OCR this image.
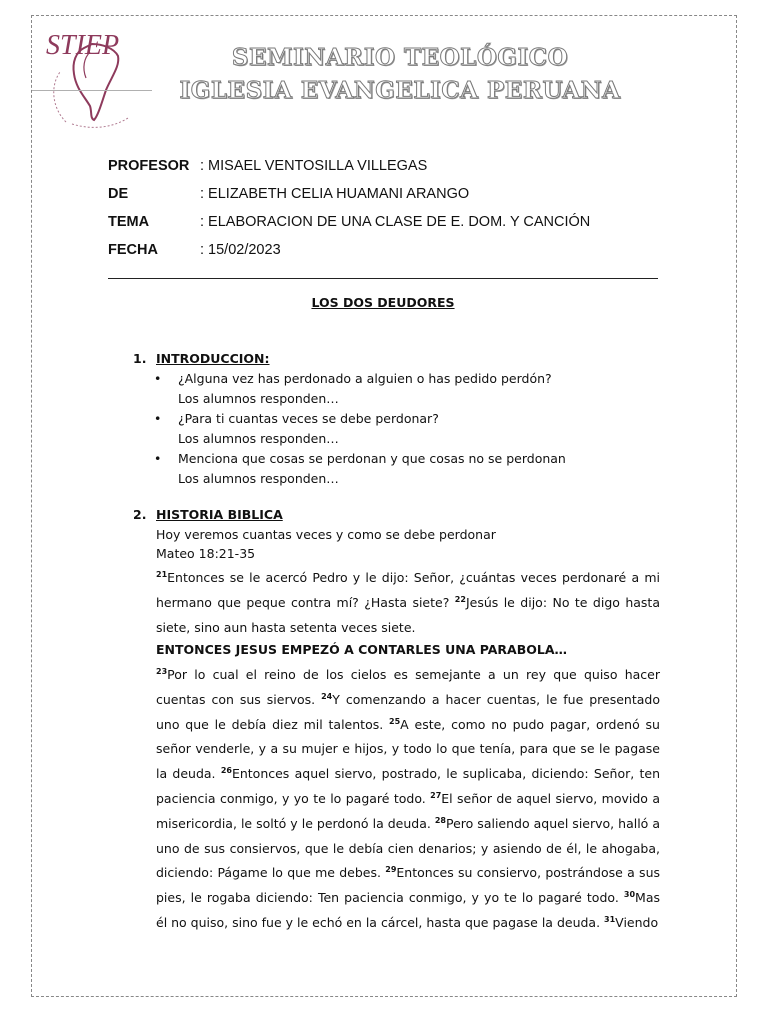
STIEP	SEMINARIO TEOLÓGICO
IGLESIA EVANGELICA PERUANA
PROFESOR : MISAEL VENTOSILLA VILLEGAS
DE	: ELIZABETH CELIA HUAMANI ARANGO
TEMA	: ELABORACION DE UNA CLASE DE E. DOM. Y CANCIÓN
FECHA	: 15/02/2023
LOS DOS DEUDORES
1. INTRODUCCION:
• ¿Alguna vez has perdonado a alguien o has pedido perdón?
Los alumnos responden…
• ¿Para ti cuantas veces se debe perdonar?
Los alumnos responden…
• Menciona que cosas se perdonan y que cosas no se perdonan
Los alumnos responden…
2. HISTORIA BIBLICA
Hoy veremos cuantas veces y como se debe perdonar
Mateo 18:21-35
$^{21}$Entonces se le acercó Pedro y le dijo: Señor, ¿cuántas veces perdonaré a mi hermano que peque contra mí? ¿Hasta siete? $^{22}$Jesús le dijo: No te digo hasta siete, sino aun hasta setenta veces siete.
ENTONCES JESUS EMPEZÓ A CONTARLES UNA PARABOLA…
$^{23}$Por lo cual el reino de los cielos es semejante a un rey que quiso hacer cuentas con sus siervos. $^{24}$Y comenzando a hacer cuentas, le fue presentado uno que le debía diez mil talentos. $^{25}$A este, como no pudo pagar, ordenó su señor venderle, y a su mujer e hijos, y todo lo que tenía, para que se le pagase la deuda. $^{26}$Entonces aquel siervo, postrado, le suplicaba, diciendo: Señor, ten paciencia conmigo, y yo te lo pagaré todo. $^{27}$El señor de aquel siervo, movido a misericordia, le soltó y le perdonó la deuda. $^{28}$Pero saliendo aquel siervo, halló a uno de sus consiervos, que le debía cien denarios; y asiendo de él, le ahogaba, diciendo: Págame lo que me debes. $^{29}$Entonces su consiervo, postrándose a sus pies, le rogaba diciendo: Ten paciencia conmigo, y yo te lo pagaré todo. $^{30}$Mas él no quiso, sino fue y le echó en la cárcel, hasta que pagase la deuda. $^{31}$Viendo
